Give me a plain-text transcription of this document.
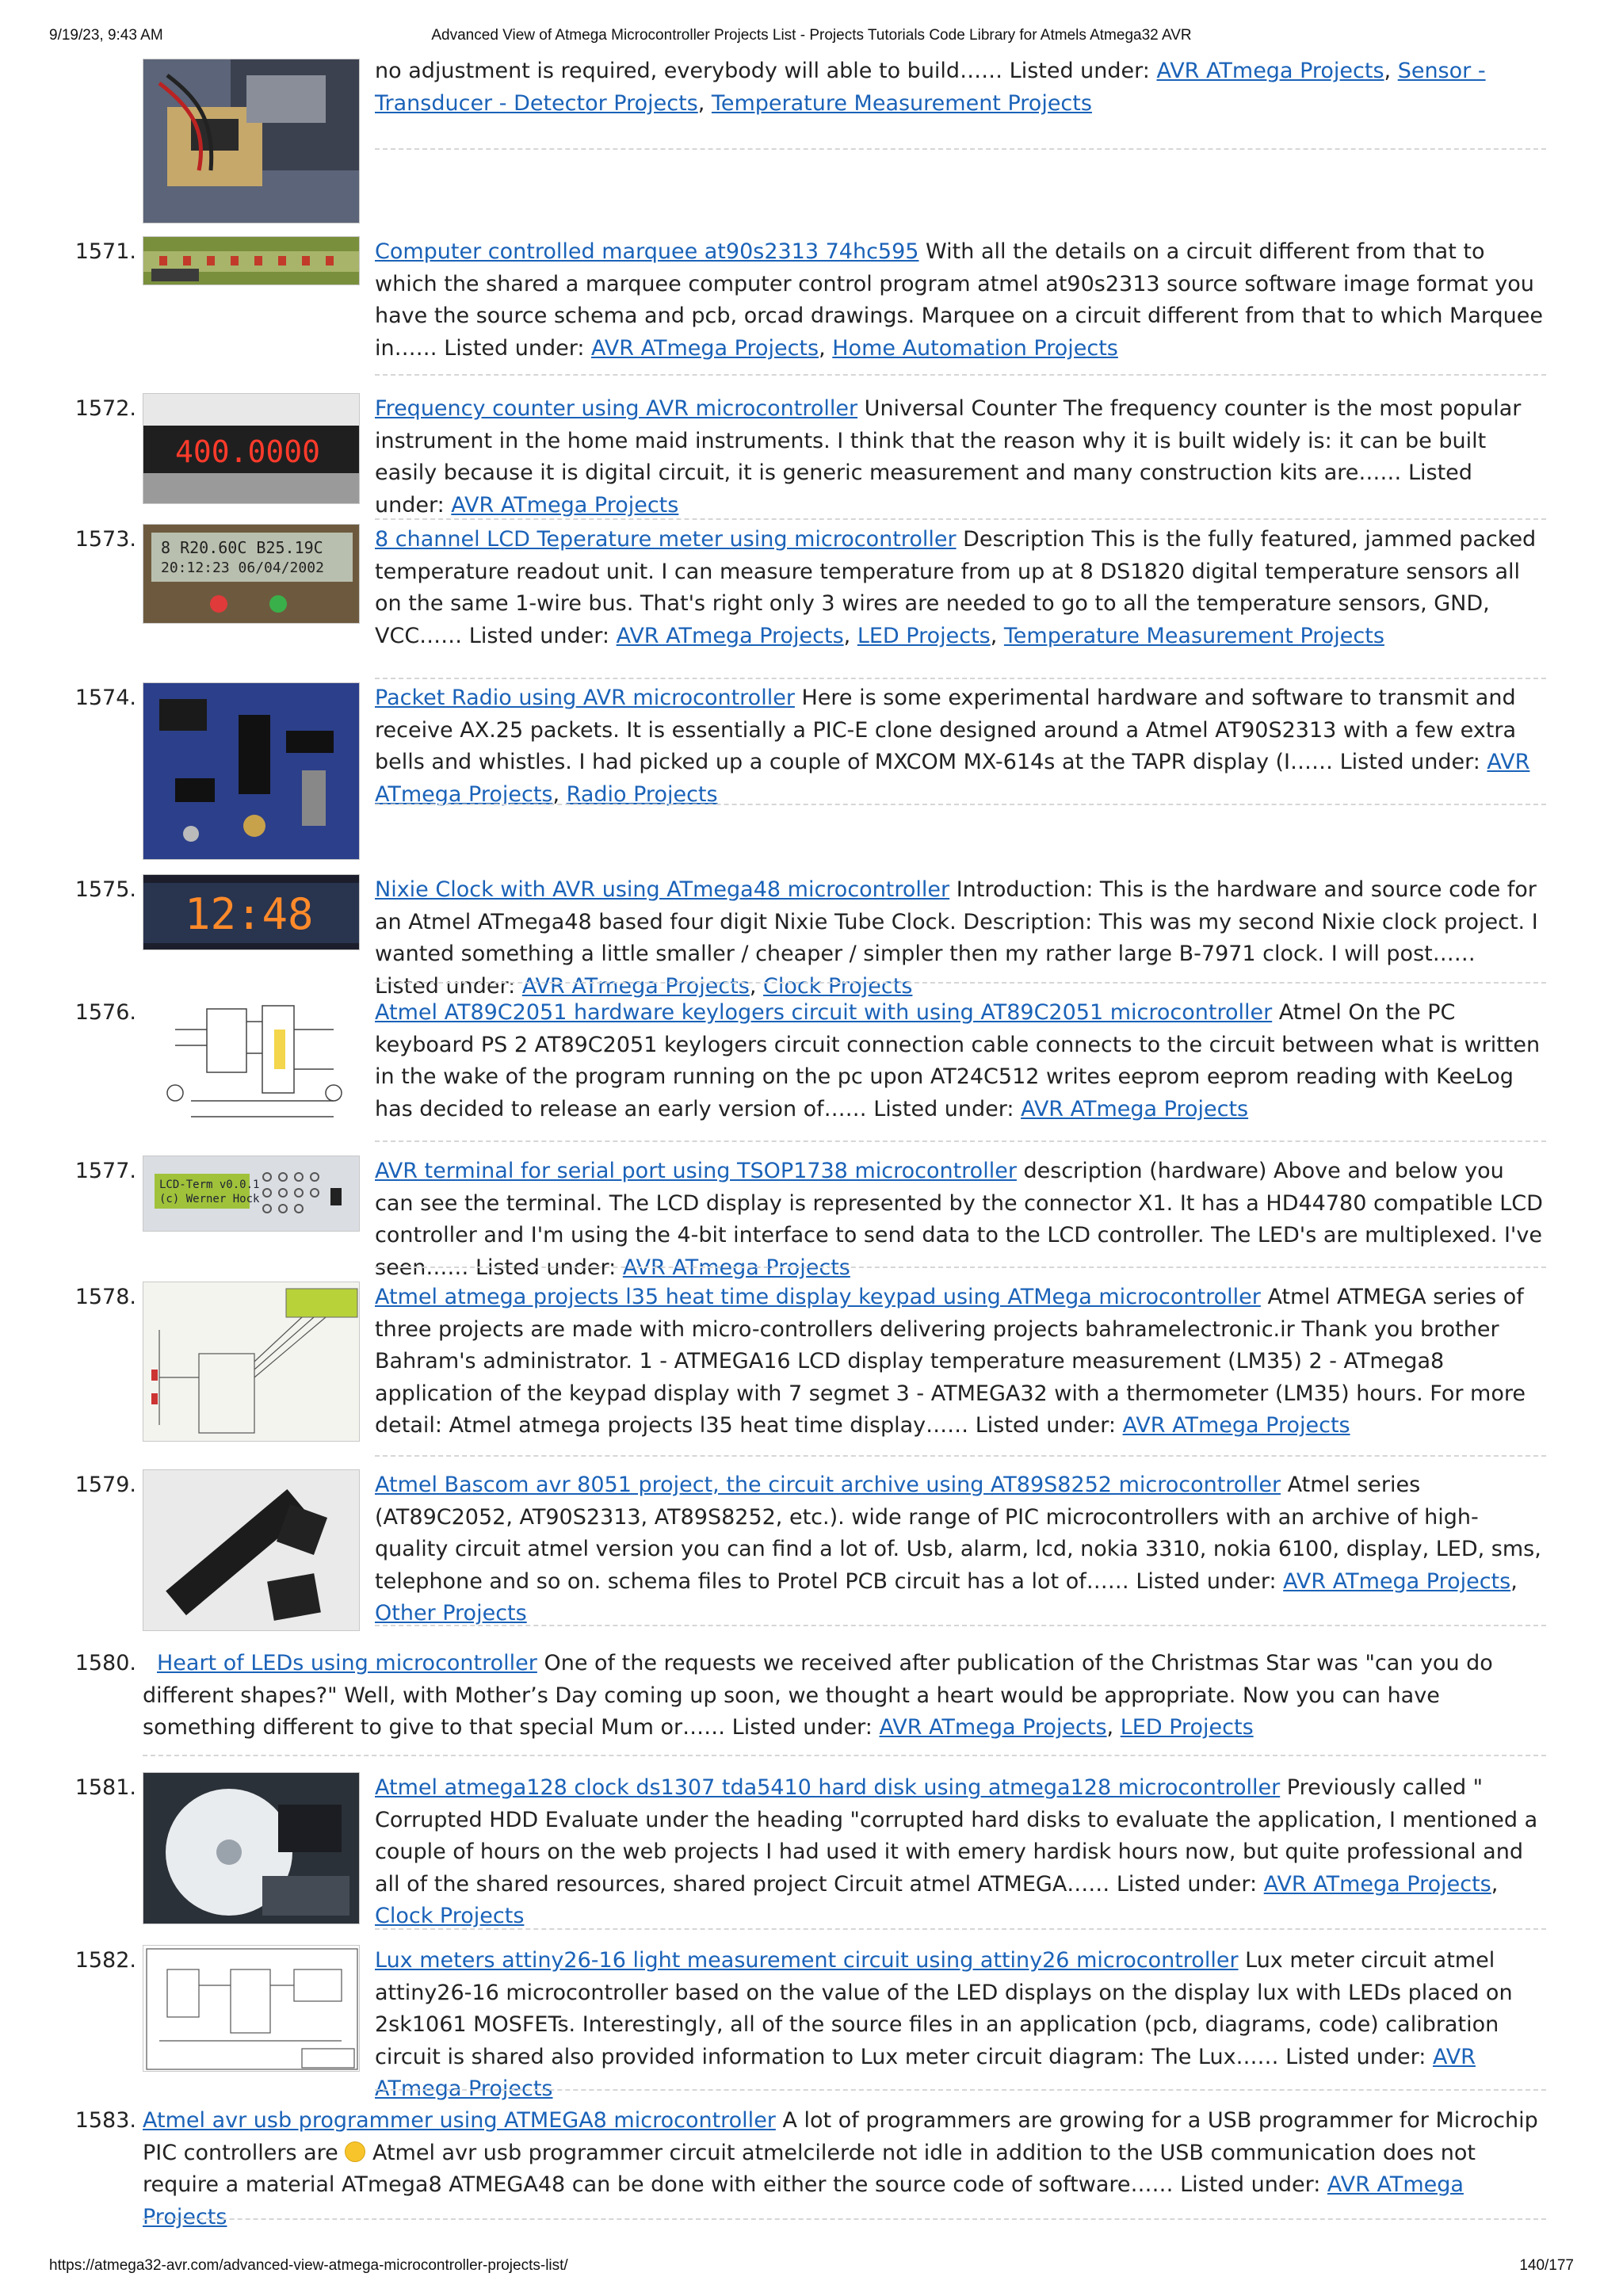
9/19/23, 9:43 AM	Advanced View of Atmega Microcontroller Projects List - Projects Tutorials Code Library for Atmels Atmega32 AVR
no adjustment is required, everybody will able to build…… Listed under: AVR ATmega Projects, Sensor - Transducer - Detector Projects, Temperature Measurement Projects
1571.	Computer controlled marquee at90s2313 74hc595 With all the details on a circuit different from that to which the shared a marquee computer control program atmel at90s2313 source software image format you have the source schema and pcb, orcad drawings. Marquee on a circuit different from that to which Marquee in…… Listed under: AVR ATmega Projects, Home Automation Projects
1572.
400.0000
Frequency counter using AVR microcontroller Universal Counter The frequency counter is the most popular instrument in the home maid instruments. I think that the reason why it is built widely is: it can be built easily because it is digital circuit, it is generic measurement and many construction kits are…… Listed under: AVR ATmega Projects
1573. 8 R20.60C B25.19C
20:12:23 06/04/2002
8 channel LCD Teperature meter using microcontroller Description This is the fully featured, jammed packed temperature readout unit. I can measure temperature from up at 8 DS1820 digital temperature sensors all on the same 1-wire bus. That's right only 3 wires are needed to go to all the temperature sensors, GND, VCC…… Listed under: AVR ATmega Projects, LED Projects, Temperature Measurement Projects
1574.	Packet Radio using AVR microcontroller Here is some experimental hardware and software to transmit and receive AX.25 packets. It is essentially a PIC-E clone designed around a Atmel AT90S2313 with a few extra bells and whistles. I had picked up a couple of MXCOM MX-614s at the TAPR display (I…… Listed under: AVR ATmega Projects, Radio Projects
1575. 12:48	Nixie Clock with AVR using ATmega48 microcontroller Introduction: This is the hardware and source code for an Atmel ATmega48 based four digit Nixie Tube Clock. Description: This was my second Nixie clock project. I wanted something a little smaller / cheaper / simpler then my rather large B-7971 clock. I will post…… Listed under: AVR ATmega Projects, Clock Projects
1576.	Atmel AT89C2051 hardware keylogers circuit with using AT89C2051 microcontroller Atmel On the PC keyboard PS 2 AT89C2051 keylogers circuit connection cable connects to the circuit between what is written in the wake of the program running on the pc upon AT24C512 writes eeprom eeprom reading with KeeLog has decided to release an early version of…… Listed under: AVR ATmega Projects
1577.
LCD-Term v0.0.1
(c) Werner Hock
AVR terminal for serial port using TSOP1738 microcontroller description (hardware) Above and below you can see the terminal. The LCD display is represented by the connector X1. It has a HD44780 compatible LCD controller and I'm using the 4-bit interface to send data to the LCD controller. The LED's are multiplexed. I've seen…… Listed under: AVR ATmega Projects
1578.	Atmel atmega projects l35 heat time display keypad using ATMega microcontroller Atmel ATMEGA series of three projects are made with micro-controllers delivering projects bahramelectronic.ir Thank you brother Bahram's administrator. 1 - ATMEGA16 LCD display temperature measurement (LM35) 2 - ATmega8 application of the keypad display with 7 segmet 3 - ATMEGA32 with a thermometer (LM35) hours. For more detail: Atmel atmega projects l35 heat time display…… Listed under: AVR ATmega Projects
1579.	Atmel Bascom avr 8051 project, the circuit archive using AT89S8252 microcontroller Atmel series (AT89C2052, AT90S2313, AT89S8252, etc.). wide range of PIC microcontrollers with an archive of high-quality circuit atmel version you can find a lot of. Usb, alarm, lcd, nokia 3310, nokia 6100, display, LED, sms, telephone and so on. schema files to Protel PCB circuit has a lot of…… Listed under: AVR ATmega Projects, Other Projects
1580. Heart of LEDs using microcontroller One of the requests we received after publication of the Christmas Star was "can you do different shapes?" Well, with Mother’s Day coming up soon, we thought a heart would be appropriate. Now you can have something different to give to that special Mum or…… Listed under: AVR ATmega Projects, LED Projects
1581.	Atmel atmega128 clock ds1307 tda5410 hard disk using atmega128 microcontroller Previously called " Corrupted HDD Evaluate under the heading "corrupted hard disks to evaluate the application, I mentioned a couple of hours on the web projects I had used it with emery hardisk hours now, but quite professional and all of the shared resources, shared project Circuit atmel ATMEGA…… Listed under: AVR ATmega Projects, Clock Projects
1582.	Lux meters attiny26-16 light measurement circuit using attiny26 microcontroller Lux meter circuit atmel attiny26-16 microcontroller based on the value of the LED displays on the display lux with LEDs placed on 2sk1061 MOSFETs. Interestingly, all of the source files in an application (pcb, diagrams, code) calibration circuit is shared also provided information to Lux meter circuit diagram: The Lux…… Listed under: AVR ATmega Projects
1583. Atmel avr usb programmer using ATMEGA8 microcontroller A lot of programmers are growing for a USB programmer for Microchip PIC controllers are  Atmel avr usb programmer circuit atmelcilerde not idle in addition to the USB communication does not require a material ATmega8 ATMEGA48 can be done with either the source code of software…… Listed under: AVR ATmega Projects
https://atmega32-avr.com/advanced-view-atmega-microcontroller-projects-list/	140/177
